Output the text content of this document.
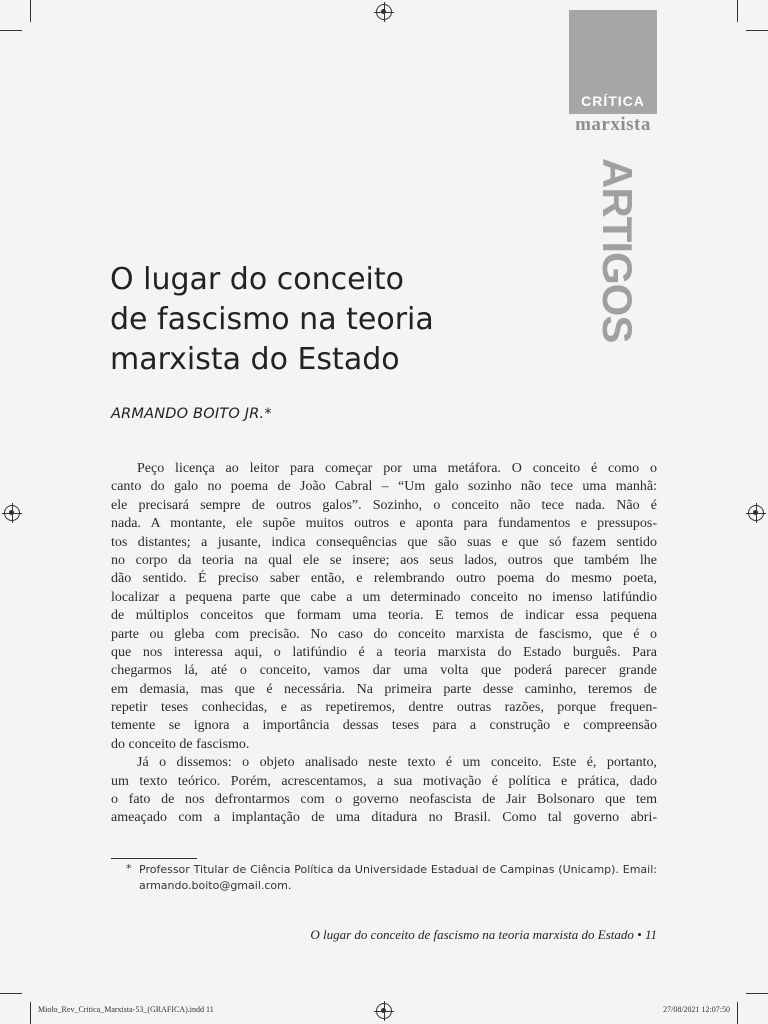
CRÍTICA
marxista
ARTIGOS
O lugar do conceito
de fascismo na teoria
marxista do Estado
ARMANDO BOITO JR.*
Peço licença ao leitor para começar por uma metáfora. O conceito é como o
canto do galo no poema de João Cabral – “Um galo sozinho não tece uma manhã:
ele precisará sempre de outros galos”. Sozinho, o conceito não tece nada. Não é
nada. A montante, ele supõe muitos outros e aponta para fundamentos e pressupos-
tos distantes; a jusante, indica consequências que são suas e que só fazem sentido
no corpo da teoria na qual ele se insere; aos seus lados, outros que também lhe
dão sentido. É preciso saber então, e relembrando outro poema do mesmo poeta,
localizar a pequena parte que cabe a um determinado conceito no imenso latifúndio
de múltiplos conceitos que formam uma teoria. E temos de indicar essa pequena
parte ou gleba com precisão. No caso do conceito marxista de fascismo, que é o
que nos interessa aqui, o latifúndio é a teoria marxista do Estado burguês. Para
chegarmos lá, até o conceito, vamos dar uma volta que poderá parecer grande
em demasia, mas que é necessária. Na primeira parte desse caminho, teremos de
repetir teses conhecidas, e as repetiremos, dentre outras razões, porque frequen-
temente se ignora a importância dessas teses para a construção e compreensão
do conceito de fascismo.
Já o dissemos: o objeto analisado neste texto é um conceito. Este é, portanto,
um texto teórico. Porém, acrescentamos, a sua motivação é política e prática, dado
o fato de nos defrontarmos com o governo neofascista de Jair Bolsonaro que tem
ameaçado com a implantação de uma ditadura no Brasil. Como tal governo abri-
* Professor Titular de Ciência Política da Universidade Estadual de Campinas (Unicamp). Email:
armando.boito@gmail.com.
O lugar do conceito de fascismo na teoria marxista do Estado • 11
Miolo_Rev_Critica_Marxista-53_(GRAFICA).indd 11	27/08/2021 12:07:50
